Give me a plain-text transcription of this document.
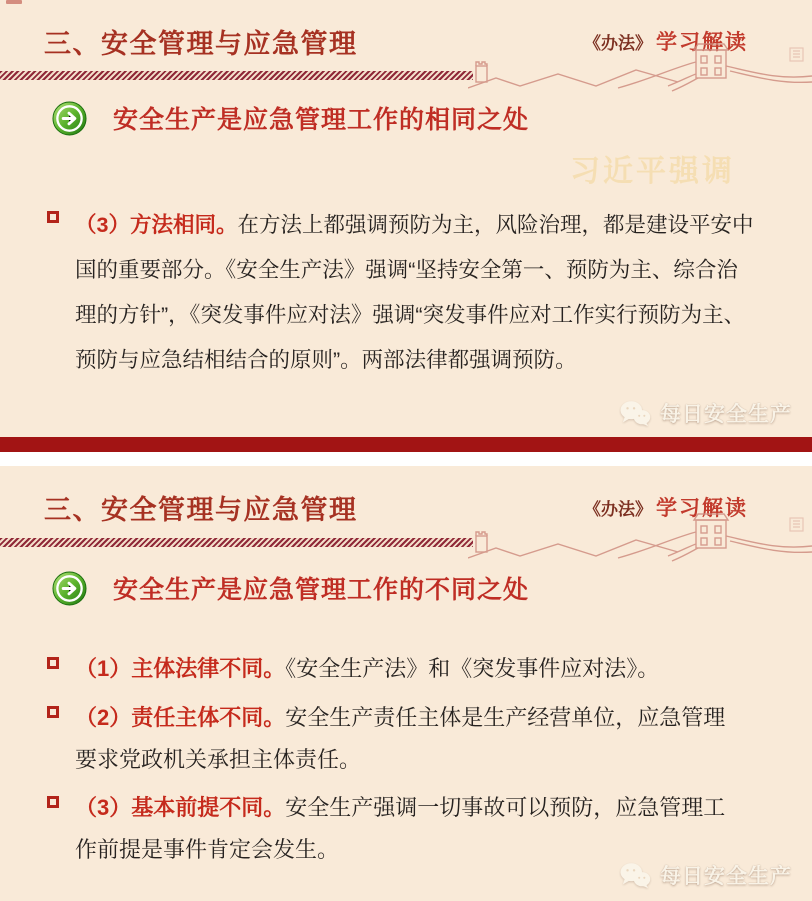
三、安全管理与应急管理	《办法》 学习解读
安全生产是应急管理工作的相同之处
习近平强调

（3）方法相同。在方法上都强调预防为主，风险治理，都是建设平安中国的重要部分。《安全生产法》强调“坚持安全第一、预防为主、综合治理的方针”，《突发事件应对法》强调“突发事件应对工作实行预防为主、预防与应急结相结合的原则”。两部法律都强调预防。

每日安全生产
三、安全管理与应急管理	《办法》 学习解读
安全生产是应急管理工作的不同之处

（1）主体法律不同。《安全生产法》和《突发事件应对法》。

（2）责任主体不同。安全生产责任主体是生产经营单位，应急管理要求党政机关承担主体责任。

（3）基本前提不同。安全生产强调一切事故可以预防，应急管理工作前提是事件肯定会发生。

每日安全生产
